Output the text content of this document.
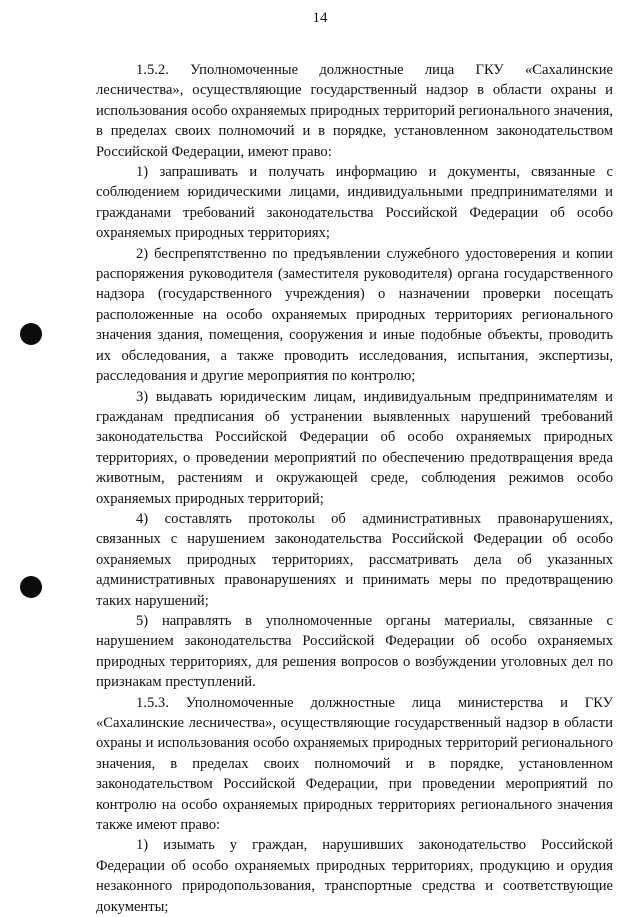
14

1.5.2. Уполномоченные должностные лица ГКУ «Сахалинские лесничества», осуществляющие государственный надзор в области охраны и использования особо охраняемых природных территорий регионального значения, в пределах своих полномочий и в порядке, установленном законодательством Российской Федерации, имеют право:

1) запрашивать и получать информацию и документы, связанные с соблюдением юридическими лицами, индивидуальными предпринимателями и гражданами требований законодательства Российской Федерации об особо охраняемых природных территориях;

2) беспрепятственно по предъявлении служебного удостоверения и копии распоряжения руководителя (заместителя руководителя) органа государственного надзора (государственного учреждения) о назначении проверки посещать расположенные на особо охраняемых природных территориях регионального значения здания, помещения, сооружения и иные подобные объекты, проводить их обследования, а также проводить исследования, испытания, экспертизы, расследования и другие мероприятия по контролю;

3) выдавать юридическим лицам, индивидуальным предпринимателям и гражданам предписания об устранении выявленных нарушений требований законодательства Российской Федерации об особо охраняемых природных территориях, о проведении мероприятий по обеспечению предотвращения вреда животным, растениям и окружающей среде, соблюдения режимов особо охраняемых природных территорий;

4) составлять протоколы об административных правонарушениях, связанных с нарушением законодательства Российской Федерации об особо охраняемых природных территориях, рассматривать дела об указанных административных правонарушениях и принимать меры по предотвращению таких нарушений;

5) направлять в уполномоченные органы материалы, связанные с нарушением законодательства Российской Федерации об особо охраняемых природных территориях, для решения вопросов о возбуждении уголовных дел по признакам преступлений.

1.5.3. Уполномоченные должностные лица министерства и ГКУ «Сахалинские лесничества», осуществляющие государственный надзор в области охраны и использования особо охраняемых природных территорий регионального значения, в пределах своих полномочий и в порядке, установленном законодательством Российской Федерации, при проведении мероприятий по контролю на особо охраняемых природных территориях регионального значения также имеют право:

1) изымать у граждан, нарушивших законодательство Российской Федерации об особо охраняемых природных территориях, продукцию и орудия незаконного природопользования, транспортные средства и соответствующие документы;
